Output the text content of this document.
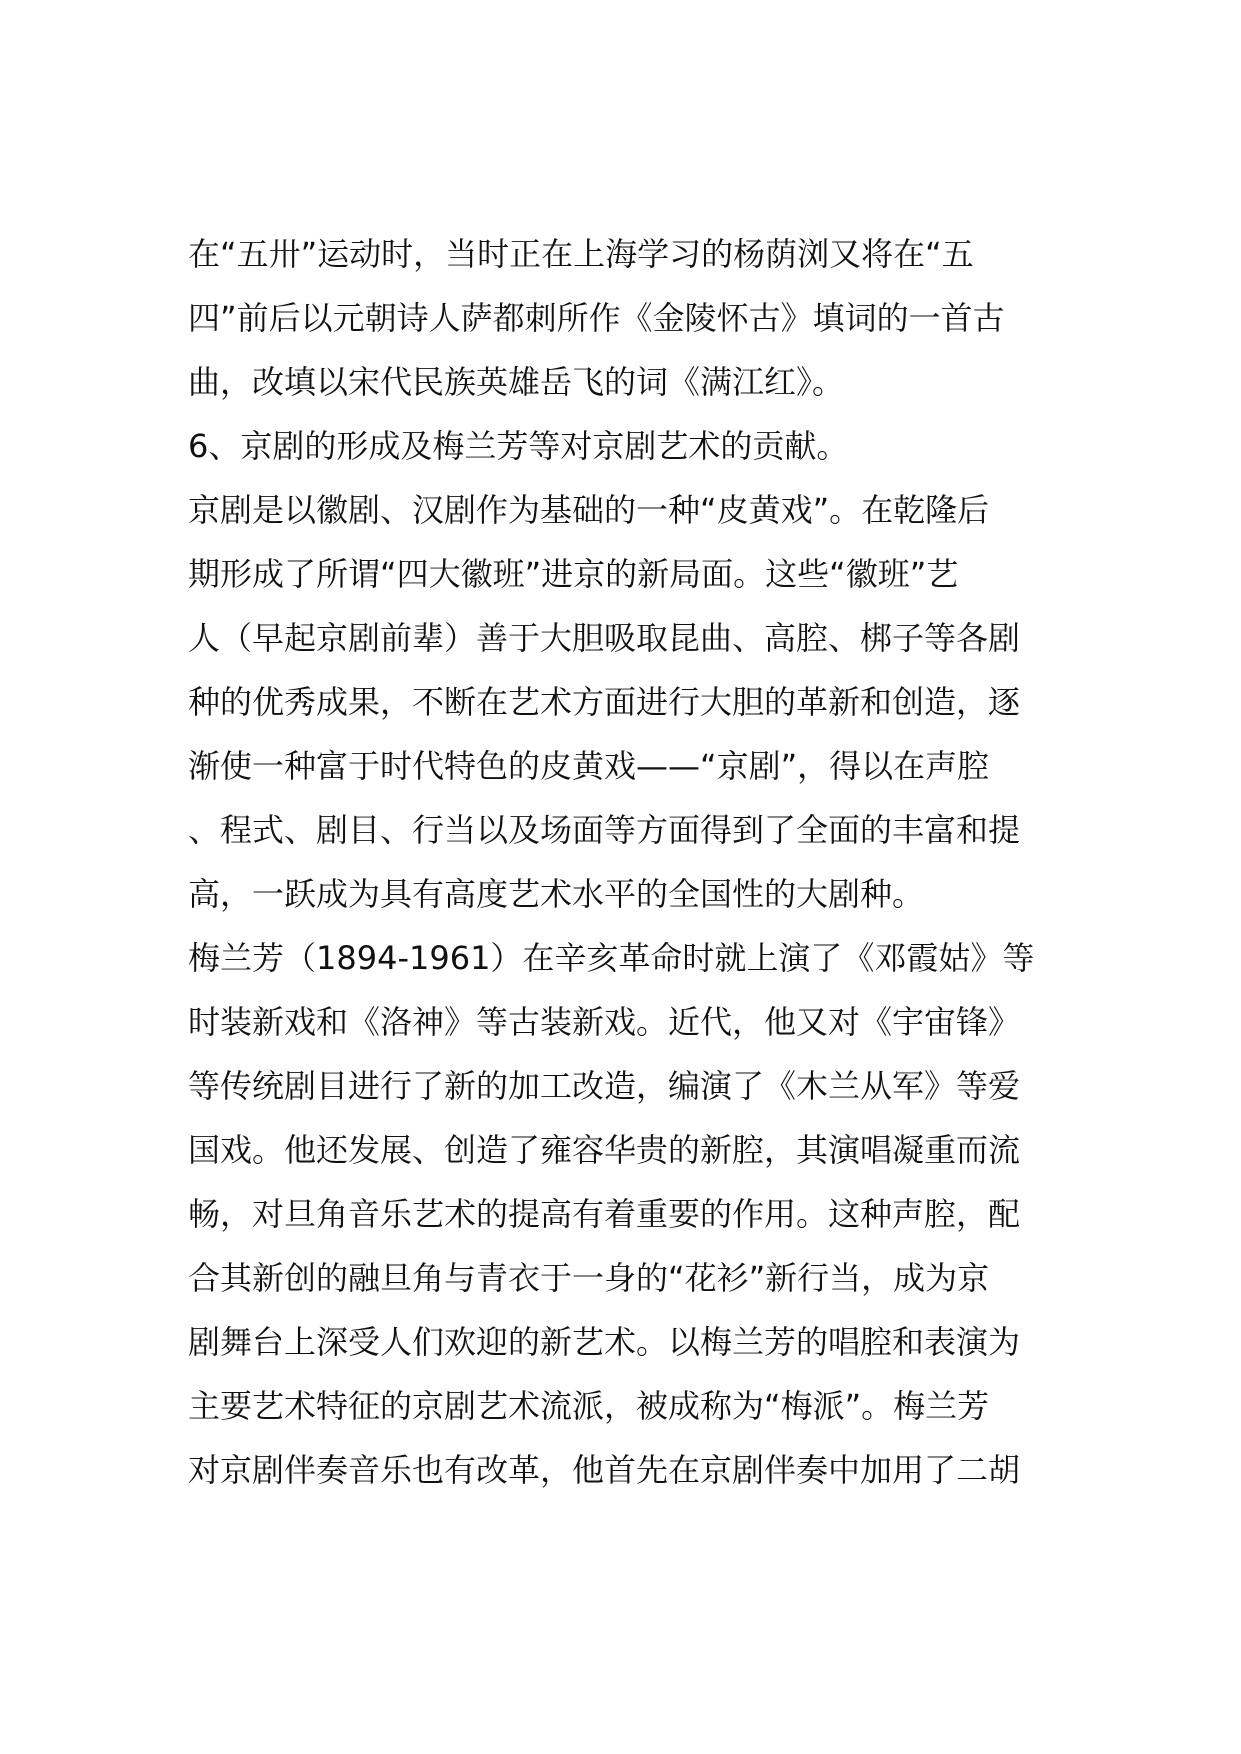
在“五卅”运动时，当时正在上海学习的杨荫浏又将在“五
四”前后以元朝诗人萨都刺所作《金陵怀古》填词的一首古
曲，改填以宋代民族英雄岳飞的词《满江红》。
6、京剧的形成及梅兰芳等对京剧艺术的贡献。
京剧是以徽剧、汉剧作为基础的一种“皮黄戏”。在乾隆后
期形成了所谓“四大徽班”进京的新局面。这些“徽班”艺
人（早起京剧前辈）善于大胆吸取昆曲、高腔、梆子等各剧
种的优秀成果，不断在艺术方面进行大胆的革新和创造，逐
渐使一种富于时代特色的皮黄戏——“京剧”，得以在声腔
、程式、剧目、行当以及场面等方面得到了全面的丰富和提
高，一跃成为具有高度艺术水平的全国性的大剧种。
梅兰芳（1894-1961）在辛亥革命时就上演了《邓霞姑》等
时装新戏和《洛神》等古装新戏。近代，他又对《宇宙锋》
等传统剧目进行了新的加工改造，编演了《木兰从军》等爱
国戏。他还发展、创造了雍容华贵的新腔，其演唱凝重而流
畅，对旦角音乐艺术的提高有着重要的作用。这种声腔，配
合其新创的融旦角与青衣于一身的“花衫”新行当，成为京
剧舞台上深受人们欢迎的新艺术。以梅兰芳的唱腔和表演为
主要艺术特征的京剧艺术流派，被成称为“梅派”。梅兰芳
对京剧伴奏音乐也有改革，他首先在京剧伴奏中加用了二胡
